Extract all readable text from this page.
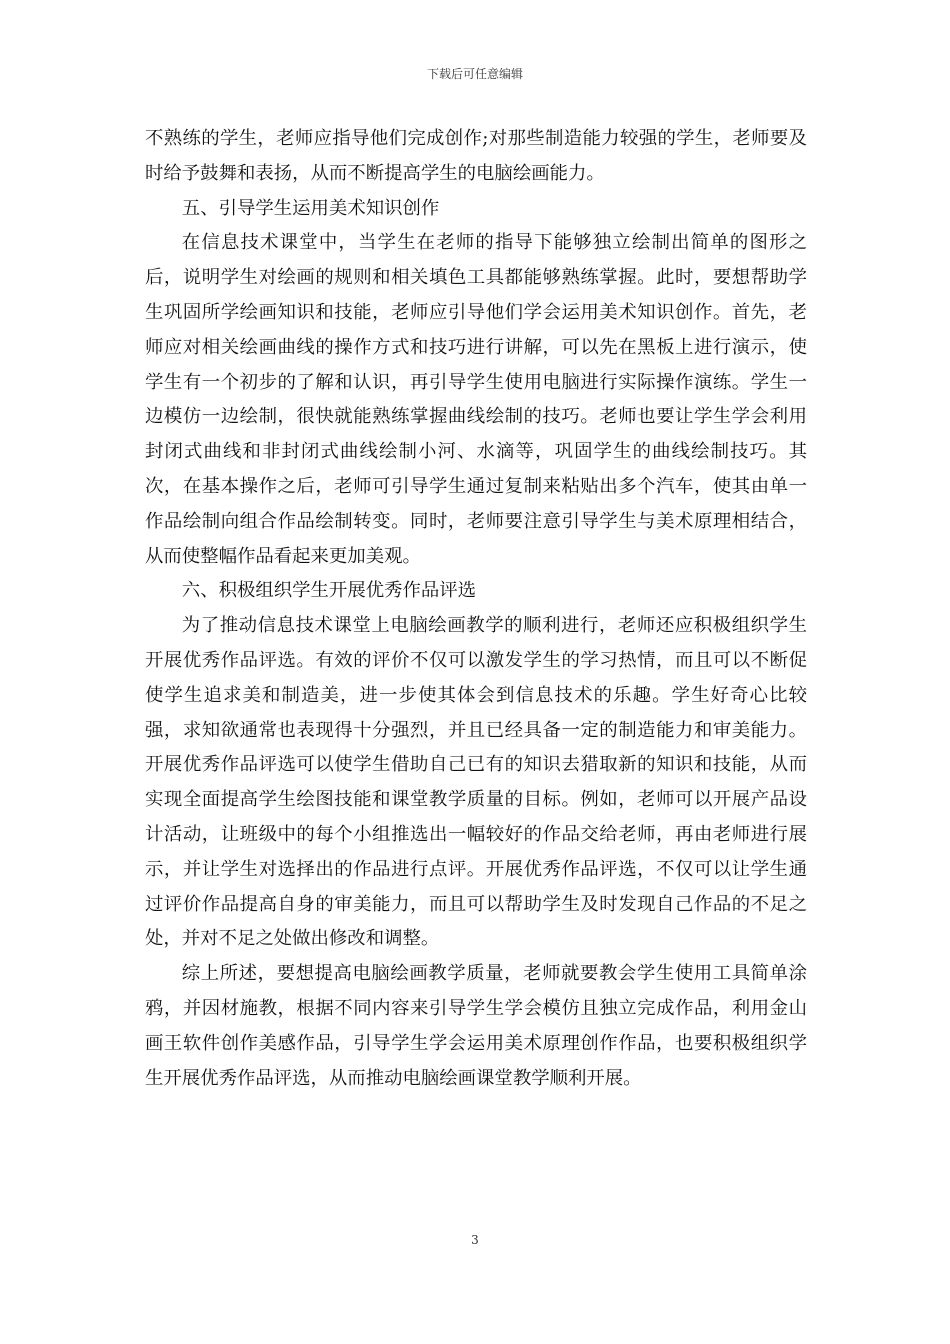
下载后可任意编辑

不熟练的学生，老师应指导他们完成创作;对那些制造能力较强的学生，老师要及时给予鼓舞和表扬，从而不断提高学生的电脑绘画能力。

五、引导学生运用美术知识创作

在信息技术课堂中，当学生在老师的指导下能够独立绘制出简单的图形之后，说明学生对绘画的规则和相关填色工具都能够熟练掌握。此时，要想帮助学生巩固所学绘画知识和技能，老师应引导他们学会运用美术知识创作。首先，老师应对相关绘画曲线的操作方式和技巧进行讲解，可以先在黑板上进行演示，使学生有一个初步的了解和认识，再引导学生使用电脑进行实际操作演练。学生一边模仿一边绘制，很快就能熟练掌握曲线绘制的技巧。老师也要让学生学会利用封闭式曲线和非封闭式曲线绘制小河、水滴等，巩固学生的曲线绘制技巧。其次，在基本操作之后，老师可引导学生通过复制来粘贴出多个汽车，使其由单一作品绘制向组合作品绘制转变。同时，老师要注意引导学生与美术原理相结合，从而使整幅作品看起来更加美观。

六、积极组织学生开展优秀作品评选

为了推动信息技术课堂上电脑绘画教学的顺利进行，老师还应积极组织学生开展优秀作品评选。有效的评价不仅可以激发学生的学习热情，而且可以不断促使学生追求美和制造美，进一步使其体会到信息技术的乐趣。学生好奇心比较强，求知欲通常也表现得十分强烈，并且已经具备一定的制造能力和审美能力。开展优秀作品评选可以使学生借助自己已有的知识去猎取新的知识和技能，从而实现全面提高学生绘图技能和课堂教学质量的目标。例如，老师可以开展产品设计活动，让班级中的每个小组推选出一幅较好的作品交给老师，再由老师进行展示，并让学生对选择出的作品进行点评。开展优秀作品评选，不仅可以让学生通过评价作品提高自身的审美能力，而且可以帮助学生及时发现自己作品的不足之处，并对不足之处做出修改和调整。

综上所述，要想提高电脑绘画教学质量，老师就要教会学生使用工具简单涂鸦，并因材施教，根据不同内容来引导学生学会模仿且独立完成作品，利用金山画王软件创作美感作品，引导学生学会运用美术原理创作作品，也要积极组织学生开展优秀作品评选，从而推动电脑绘画课堂教学顺利开展。

3
